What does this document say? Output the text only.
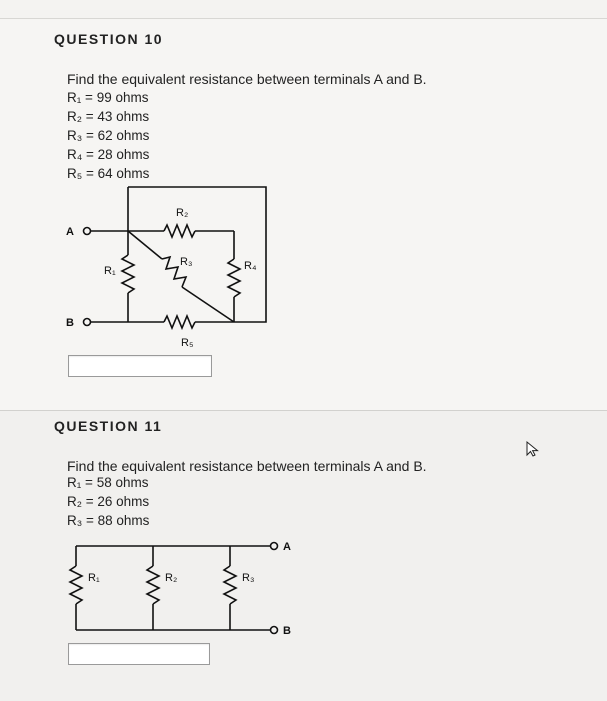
QUESTION 10
Find the equivalent resistance between terminals A and B.
R₁ = 99 ohms
R₂ = 43 ohms
R₃ = 62 ohms
R₄ = 28 ohms
R₅ = 64 ohms
A
B
R₂
R₁
R₃	R₄
R₅
QUESTION 11
Find the equivalent resistance between terminals A and B.
R₁ = 58 ohms
R₂ = 26 ohms
R₃ = 88 ohms
A
B
R₁	R₂	R₃
